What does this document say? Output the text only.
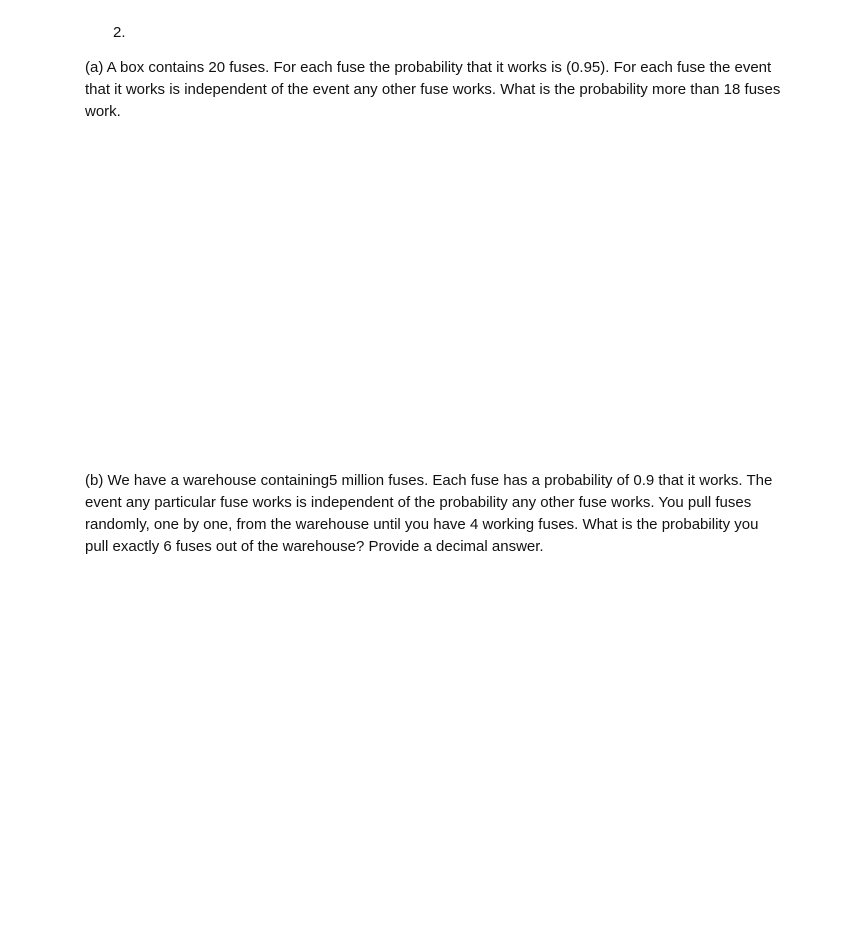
2.

(a) A box contains 20 fuses. For each fuse the probability that it works is (0.95). For each fuse the event that it works is independent of the event any other fuse works. What is the probability more than 18 fuses work.

(b) We have a warehouse containing5 million fuses. Each fuse has a probability of 0.9 that it works. The event any particular fuse works is independent of the probability any other fuse works. You pull fuses randomly, one by one, from the warehouse until you have 4 working fuses. What is the probability you pull exactly 6 fuses out of the warehouse? Provide a decimal answer.
